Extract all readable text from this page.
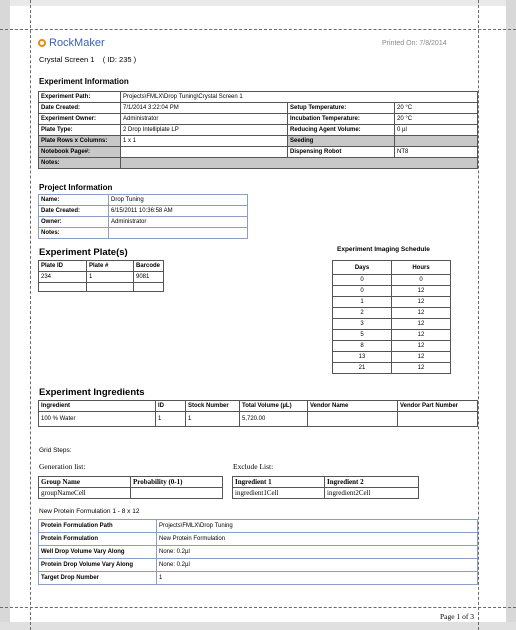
RockMaker	Printed On: 7/8/2014
Crystal Screen 1    ( ID: 235 )
Experiment Information
Experiment Path:	Projects\FMLX\Drop Tuning\Crystal Screen 1		
Date Created:	7/1/2014 3:22:04 PM	Setup Temperature:	20 °C
Experiment Owner:	Administrator	Incubation Temperature:	20 °C
Plate Type:	2 Drop Intelliplate LP	Reducing Agent Volume:	0 µl
Plate Rows x Columns:	1 x 1	Seeding	
Notebook Page#:		Dispensing Robot	NT8
Notes:			
Project Information
Name:	Drop Tuning
Date Created:	6/15/2011 10:36:58 AM
Owner:	Administrator
Notes:	
Experiment Plate(s)
Plate ID	Plate #	Barcode
234	1	9081

Experiment Imaging Schedule
Days	Hours
0	0
0	12
1	12
2	12
3	12
5	12
8	12
13	12
21	12
Experiment Ingredients
Ingredient	ID	Stock Number	Total Volume (µL)	Vendor Name	Vendor Part Number
100 % Water	1	1	5,720.00		
Grid Steps:
Generation list:
Group Name	Probability (0-1)
groupNameCell	
Exclude List:
Ingredient 1	Ingredient 2
ingredient1Cell	ingredient2Cell
New Protein Formulation 1 - 8 x 12
Protein Formulation Path	Projects\FMLX\Drop Tuning
Protein Formulation	New Protein Formulation
Well Drop Volume Vary Along	None: 0.2µl
Protein Drop Volume Vary Along	None: 0.2µl
Target Drop Number	1
Page 1 of 3
